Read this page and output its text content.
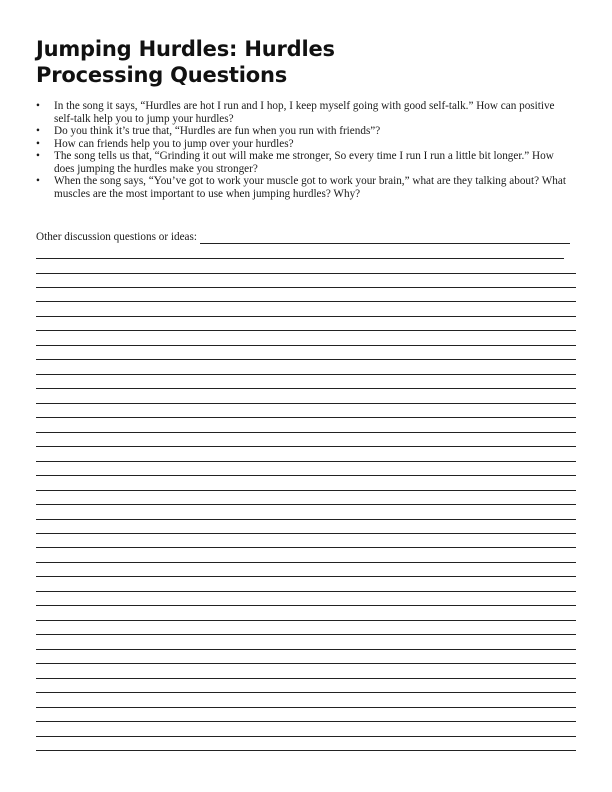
Jumping Hurdles: Hurdles
Processing Questions
• In the song it says, “Hurdles are hot I run and I hop, I keep myself going with good self-talk.” How can positive self-talk help you to jump your hurdles?
• Do you think it’s true that, “Hurdles are fun when you run with friends”?
• How can friends help you to jump over your hurdles?
• The song tells us that, “Grinding it out will make me stronger, So every time I run I run a little bit longer.” How does jumping the hurdles make you stronger?
• When the song says, “You’ve got to work your muscle got to work your brain,” what are they talking about? What muscles are the most important to use when jumping hurdles? Why?
Other discussion questions or ideas:
